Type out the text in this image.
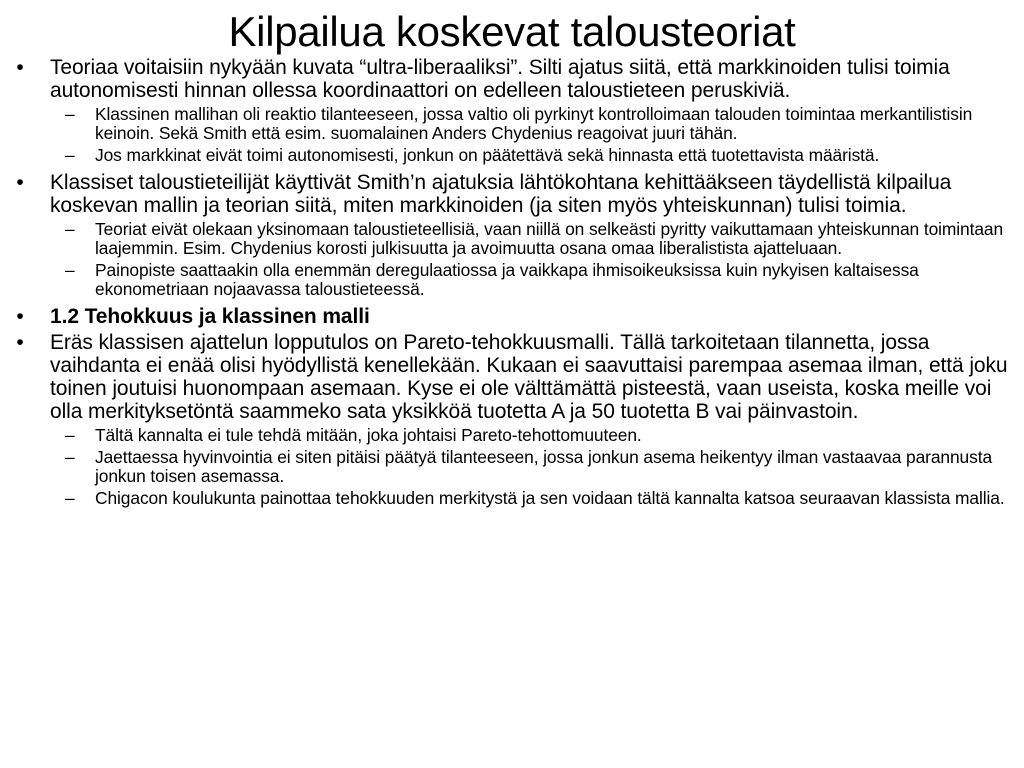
Kilpailua koskevat talousteoriat
•	Teoriaa voitaisiin nykyään kuvata “ultra-liberaaliksi”. Silti ajatus siitä, että markkinoiden tulisi toimia autonomisesti hinnan ollessa koordinaattori on edelleen taloustieteen peruskiviä.
– Klassinen mallihan oli reaktio tilanteeseen, jossa valtio oli pyrkinyt kontrolloimaan talouden toimintaa merkantilistisin keinoin. Sekä Smith että esim. suomalainen Anders Chydenius reagoivat juuri tähän.
– Jos markkinat eivät toimi autonomisesti, jonkun on päätettävä sekä hinnasta että tuotettavista määristä.
•	Klassiset taloustieteilijät käyttivät Smith’n ajatuksia lähtökohtana kehittääkseen täydellistä kilpailua koskevan mallin ja teorian siitä, miten markkinoiden (ja siten myös yhteiskunnan) tulisi toimia.
– Teoriat eivät olekaan yksinomaan taloustieteellisiä, vaan niillä on selkeästi pyritty vaikuttamaan yhteiskunnan toimintaan laajemmin. Esim. Chydenius korosti julkisuutta ja avoimuutta osana omaa liberalistista ajatteluaan.
– Painopiste saattaakin olla enemmän deregulaatiossa ja vaikkapa ihmisoikeuksissa kuin nykyisen kaltaisessa ekonometriaan nojaavassa taloustieteessä.
•	1.2 Tehokkuus ja klassinen malli
•	Eräs klassisen ajattelun lopputulos on Pareto-tehokkuusmalli. Tällä tarkoitetaan tilannetta, jossa vaihdanta ei enää olisi hyödyllistä kenellekään. Kukaan ei saavuttaisi parempaa asemaa ilman, että joku toinen joutuisi huonompaan asemaan. Kyse ei ole välttämättä pisteestä, vaan useista, koska meille voi olla merkityksetöntä saammeko sata yksikköä tuotetta A ja 50 tuotetta B vai päinvastoin.
– Tältä kannalta ei tule tehdä mitään, joka johtaisi Pareto-tehottomuuteen.
– Jaettaessa hyvinvointia ei siten pitäisi päätyä tilanteeseen, jossa jonkun asema heikentyy ilman vastaavaa parannusta jonkun toisen asemassa.
– Chigacon koulukunta painottaa tehokkuuden merkitystä ja sen voidaan tältä kannalta katsoa seuraavan klassista mallia.
